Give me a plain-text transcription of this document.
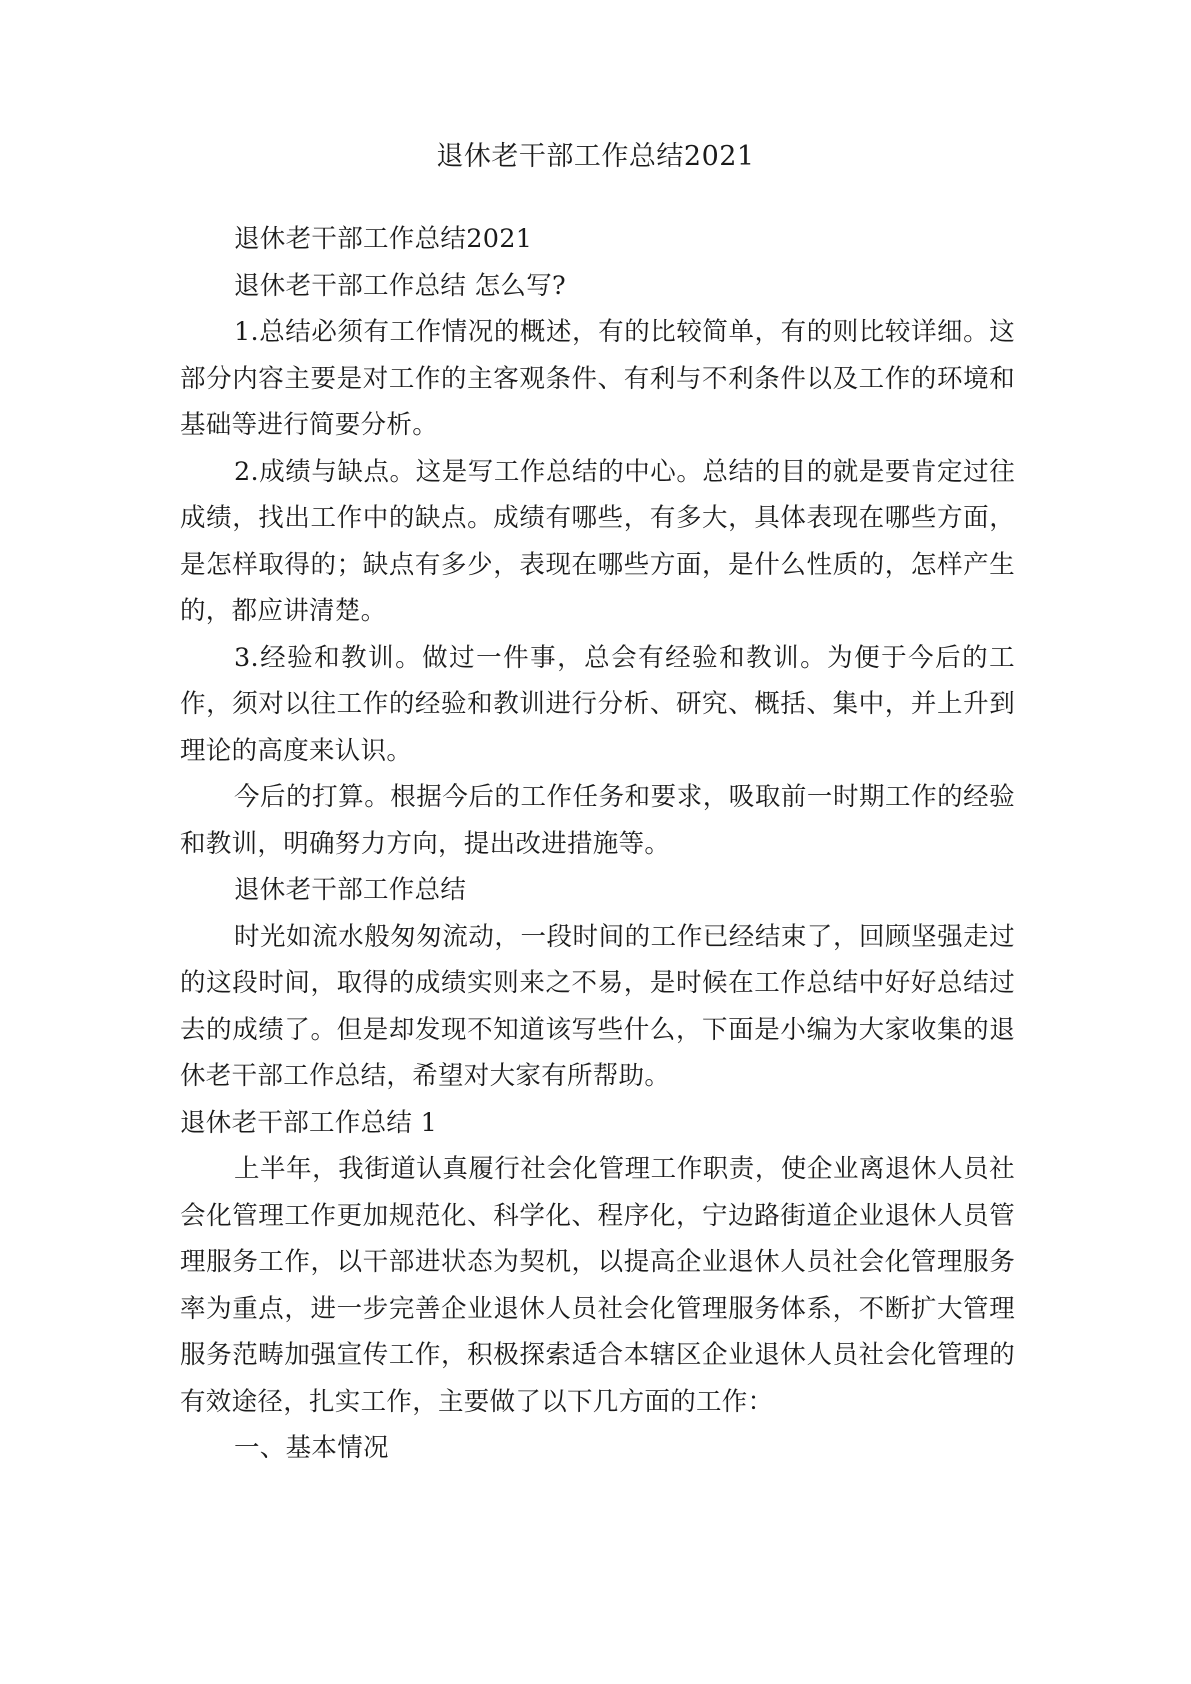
退休老干部工作总结2021

退休老干部工作总结2021

退休老干部工作总结 怎么写?

1.总结必须有工作情况的概述，有的比较简单，有的则比较详细。这部分内容主要是对工作的主客观条件、有利与不利条件以及工作的环境和基础等进行简要分析。

2.成绩与缺点。这是写工作总结的中心。总结的目的就是要肯定过往成绩，找出工作中的缺点。成绩有哪些，有多大，具体表现在哪些方面，是怎样取得的；缺点有多少，表现在哪些方面，是什么性质的，怎样产生的，都应讲清楚。

3.经验和教训。做过一件事，总会有经验和教训。为便于今后的工作，须对以往工作的经验和教训进行分析、研究、概括、集中，并上升到理论的高度来认识。

今后的打算。根据今后的工作任务和要求，吸取前一时期工作的经验和教训，明确努力方向，提出改进措施等。

退休老干部工作总结

时光如流水般匆匆流动，一段时间的工作已经结束了，回顾坚强走过的这段时间，取得的成绩实则来之不易，是时候在工作总结中好好总结过去的成绩了。但是却发现不知道该写些什么，下面是小编为大家收集的退休老干部工作总结，希望对大家有所帮助。

退休老干部工作总结 1

上半年，我街道认真履行社会化管理工作职责，使企业离退休人员社会化管理工作更加规范化、科学化、程序化，宁边路街道企业退休人员管理服务工作，以干部进状态为契机，以提高企业退休人员社会化管理服务率为重点，进一步完善企业退休人员社会化管理服务体系，不断扩大管理服务范畴加强宣传工作，积极探索适合本辖区企业退休人员社会化管理的有效途径，扎实工作，主要做了以下几方面的工作：

一、基本情况
